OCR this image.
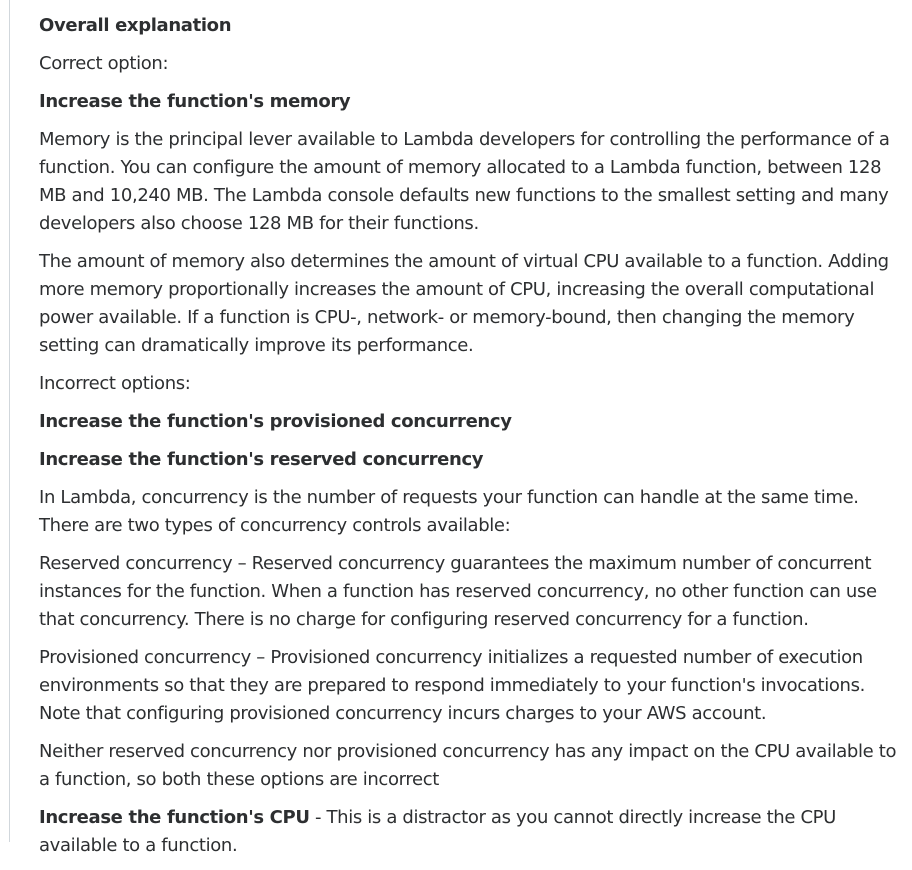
Overall explanation
Correct option:
Increase the function's memory
Memory is the principal lever available to Lambda developers for controlling the performance of a function. You can configure the amount of memory allocated to a Lambda function, between 128 MB and 10,240 MB. The Lambda console defaults new functions to the smallest setting and many developers also choose 128 MB for their functions.
The amount of memory also determines the amount of virtual CPU available to a function. Adding more memory proportionally increases the amount of CPU, increasing the overall computational power available. If a function is CPU-, network- or memory-bound, then changing the memory setting can dramatically improve its performance.
Incorrect options:
Increase the function's provisioned concurrency
Increase the function's reserved concurrency
In Lambda, concurrency is the number of requests your function can handle at the same time. There are two types of concurrency controls available:
Reserved concurrency – Reserved concurrency guarantees the maximum number of concurrent instances for the function. When a function has reserved concurrency, no other function can use that concurrency. There is no charge for configuring reserved concurrency for a function.
Provisioned concurrency – Provisioned concurrency initializes a requested number of execution environments so that they are prepared to respond immediately to your function's invocations. Note that configuring provisioned concurrency incurs charges to your AWS account.
Neither reserved concurrency nor provisioned concurrency has any impact on the CPU available to a function, so both these options are incorrect
Increase the function's CPU - This is a distractor as you cannot directly increase the CPU available to a function.
